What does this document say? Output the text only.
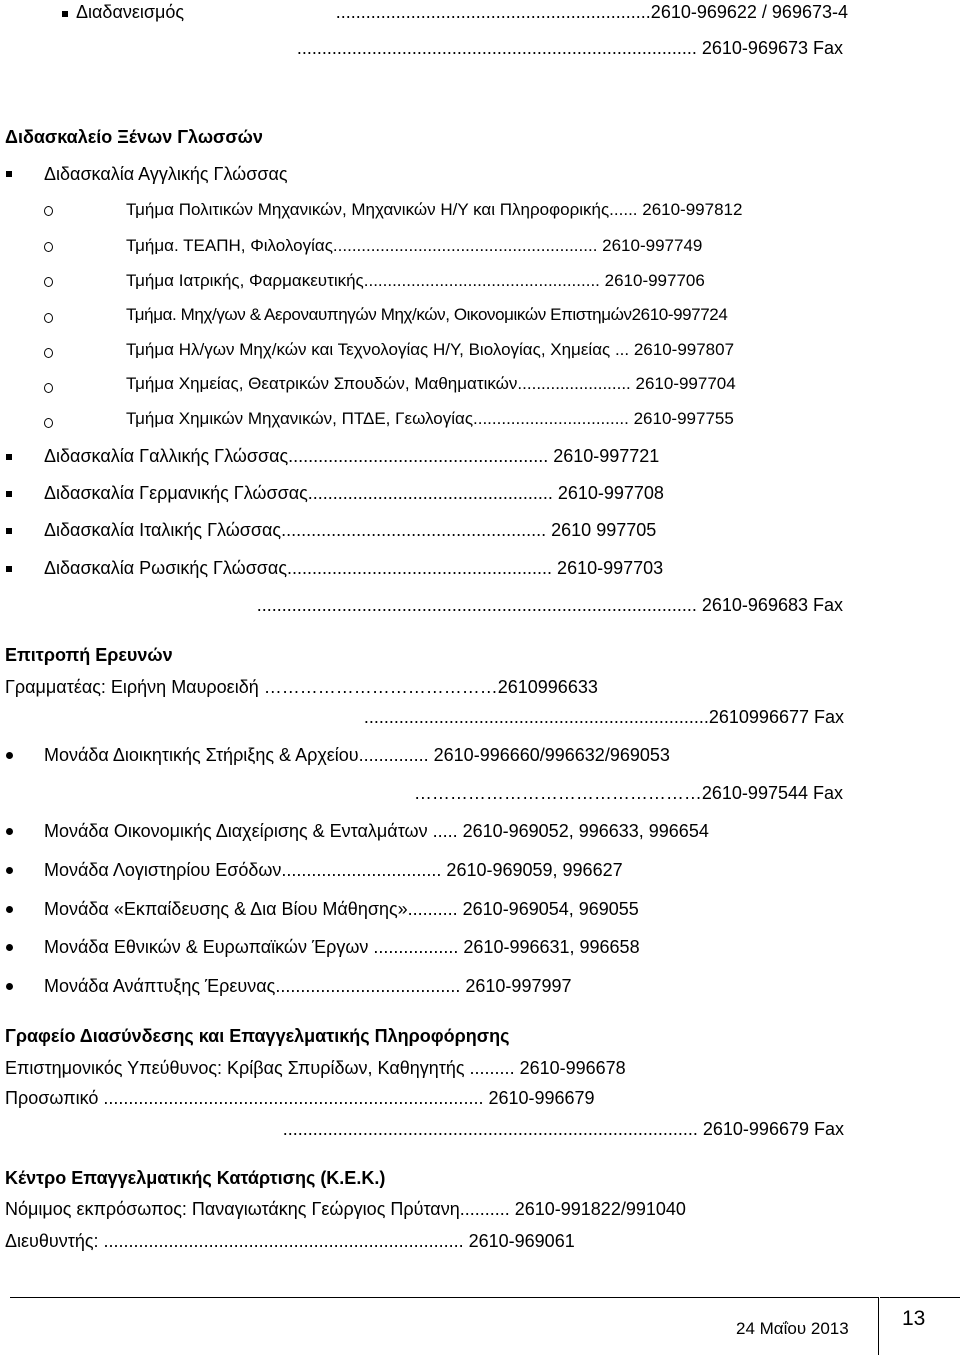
Διαδανεισμός	...............................................................2610-969622 / 969673-4
................................................................................ 2610-969673 Fax
Διδασκαλείο Ξένων Γλωσσών
Διδασκαλία Αγγλικής Γλώσσας
Τμήμα Πολιτικών Μηχανικών, Μηχανικών Η/Υ και Πληροφορικής...... 2610-997812
Τμήμα. ΤΕΑΠΗ, Φιλολογίας........................................................ 2610-997749
Τμήμα Ιατρικής, Φαρμακευτικής.................................................. 2610-997706
Τμήμα. Μηχ/γων & Αεροναυπηγών Μηχ/κών, Οικονομικών Επιστημών2610-997724
Τμήμα Ηλ/γων Μηχ/κών και Τεχνολογίας Η/Υ, Βιολογίας, Χημείας ... 2610-997807
Τμήμα Χημείας, Θεατρικών Σπουδών, Μαθηματικών........................ 2610-997704
Τμήμα Χημικών Μηχανικών, ΠΤΔΕ, Γεωλογίας................................. 2610-997755
Διδασκαλία Γαλλικής Γλώσσας.................................................... 2610-997721
Διδασκαλία Γερμανικής Γλώσσας................................................. 2610-997708
Διδασκαλία Ιταλικής Γλώσσας..................................................... 2610 997705
Διδασκαλία Ρωσικής Γλώσσας..................................................... 2610-997703
........................................................................................ 2610-969683 Fax
Επιτροπή Ερευνών
Γραμματέας: Ειρήνη Μαυροειδή …………………………………2610996633
.....................................................................2610996677 Fax
Μονάδα Διοικητικής Στήριξης & Αρχείου.............. 2610-996660/996632/969053
…………………………………………2610-997544 Fax
Μονάδα Οικονομικής Διαχείρισης & Ενταλμάτων ..... 2610-969052, 996633, 996654
Μονάδα Λογιστηρίου Εσόδων................................ 2610-969059, 996627
Μονάδα «Εκπαίδευσης & Δια Βίου Μάθησης».......... 2610-969054, 969055
Μονάδα Εθνικών & Ευρωπαϊκών Έργων ................. 2610-996631, 996658
Μονάδα Ανάπτυξης Έρευνας..................................... 2610-997997
Γραφείο Διασύνδεσης και Επαγγελματικής Πληροφόρησης
Επιστημονικός Υπεύθυνος: Κρίβας Σπυρίδων, Καθηγητής ......... 2610-996678
Προσωπικό ............................................................................ 2610-996679
................................................................................... 2610-996679 Fax
Κέντρο Επαγγελματικής Κατάρτισης (Κ.Ε.Κ.)
Νόμιμος εκπρόσωπος: Παναγιωτάκης Γεώργιος Πρύτανη.......... 2610-991822/991040
Διευθυντής: ........................................................................ 2610-969061
24 Μαΐου 2013	13
